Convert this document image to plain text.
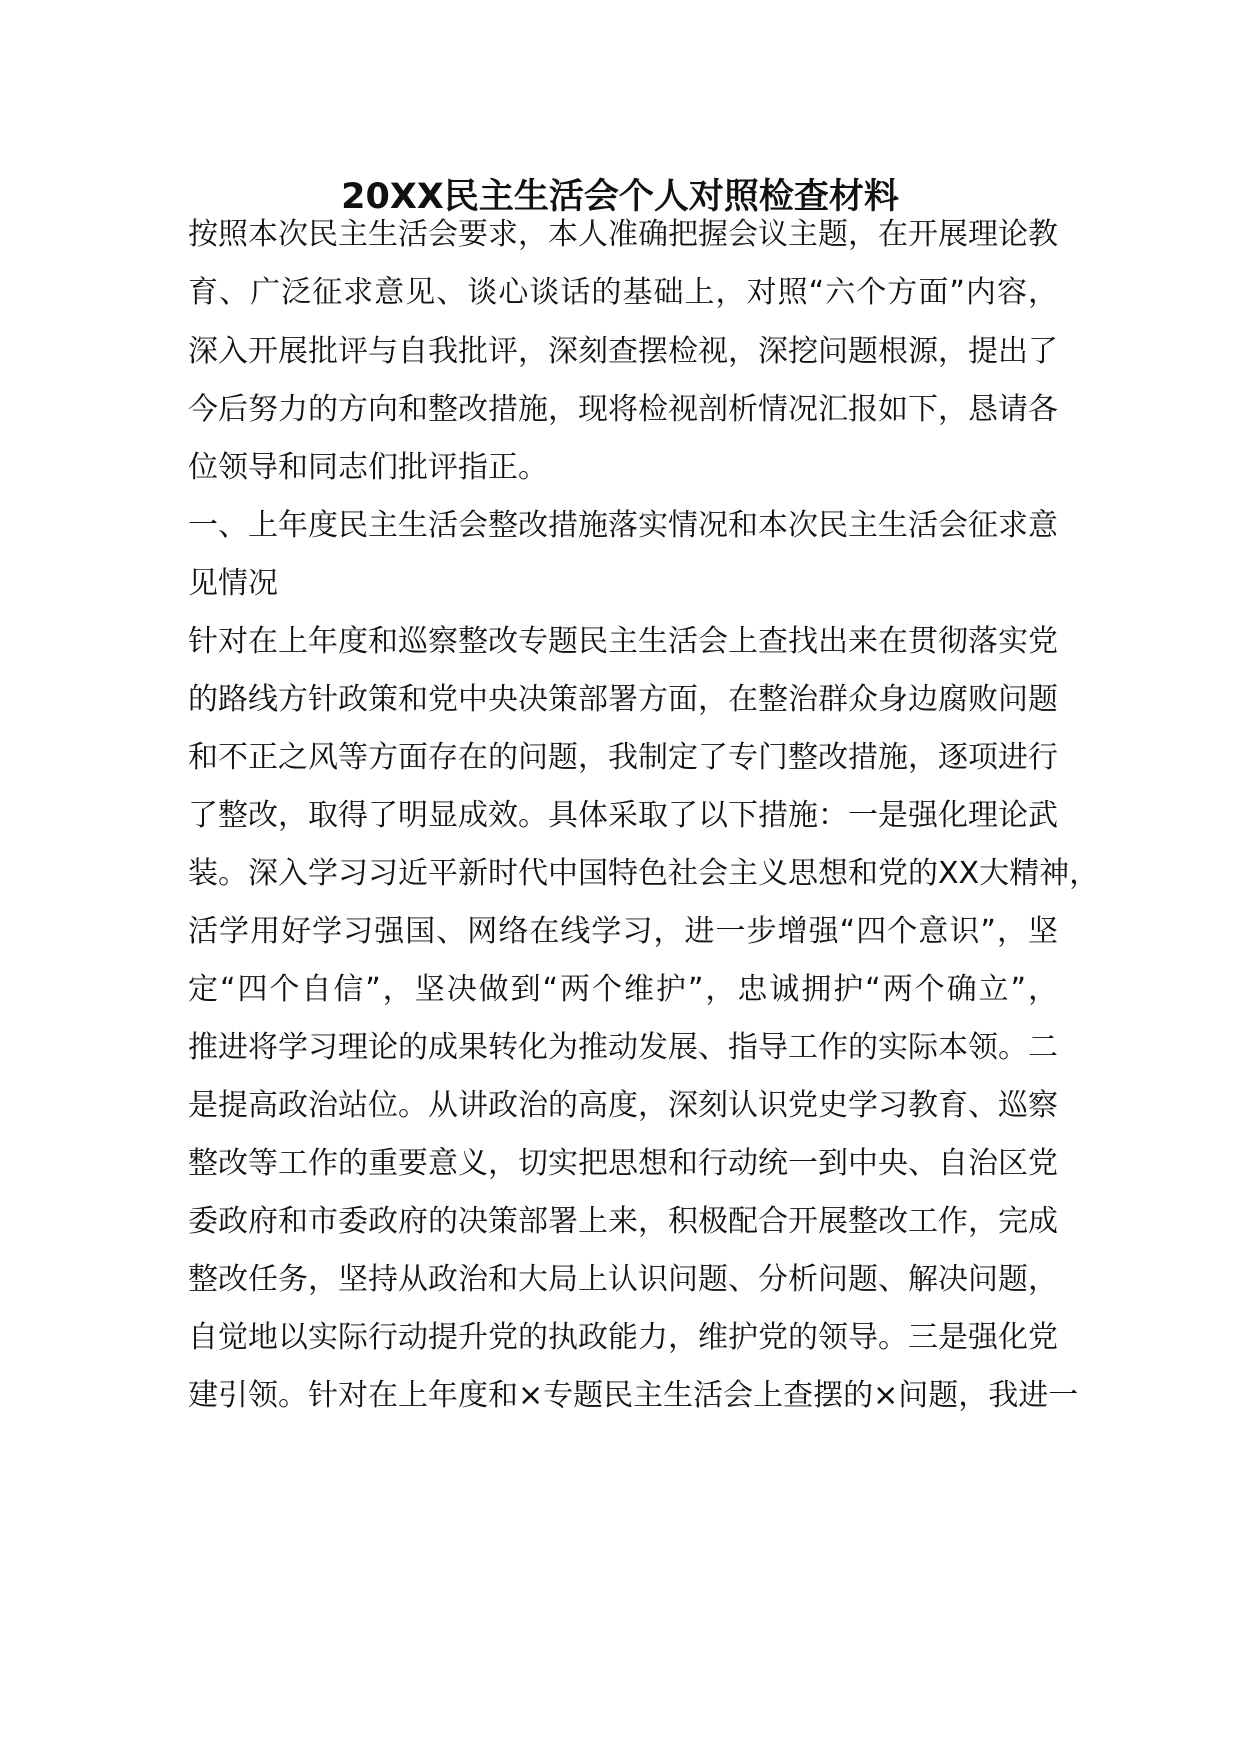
20XX民主生活会个人对照检查材料
按照本次民主生活会要求，本人准确把握会议主题，在开展理论教
育、广泛征求意见、谈心谈话的基础上，对照“六个方面”内容，
深入开展批评与自我批评，深刻查摆检视，深挖问题根源，提出了
今后努力的方向和整改措施，现将检视剖析情况汇报如下，恳请各
位领导和同志们批评指正。
一、上年度民主生活会整改措施落实情况和本次民主生活会征求意
见情况
针对在上年度和巡察整改专题民主生活会上查找出来在贯彻落实党
的路线方针政策和党中央决策部署方面，在整治群众身边腐败问题
和不正之风等方面存在的问题，我制定了专门整改措施，逐项进行
了整改，取得了明显成效。具体采取了以下措施：一是强化理论武
装。深入学习习近平新时代中国特色社会主义思想和党的XX大精神，
活学用好学习强国、网络在线学习，进一步增强“四个意识”，坚
定“四个自信”，坚决做到“两个维护”，忠诚拥护“两个确立”，
推进将学习理论的成果转化为推动发展、指导工作的实际本领。二
是提高政治站位。从讲政治的高度，深刻认识党史学习教育、巡察
整改等工作的重要意义，切实把思想和行动统一到中央、自治区党
委政府和市委政府的决策部署上来，积极配合开展整改工作，完成
整改任务，坚持从政治和大局上认识问题、分析问题、解决问题，
自觉地以实际行动提升党的执政能力，维护党的领导。三是强化党
建引领。针对在上年度和×专题民主生活会上查摆的×问题，我进一
